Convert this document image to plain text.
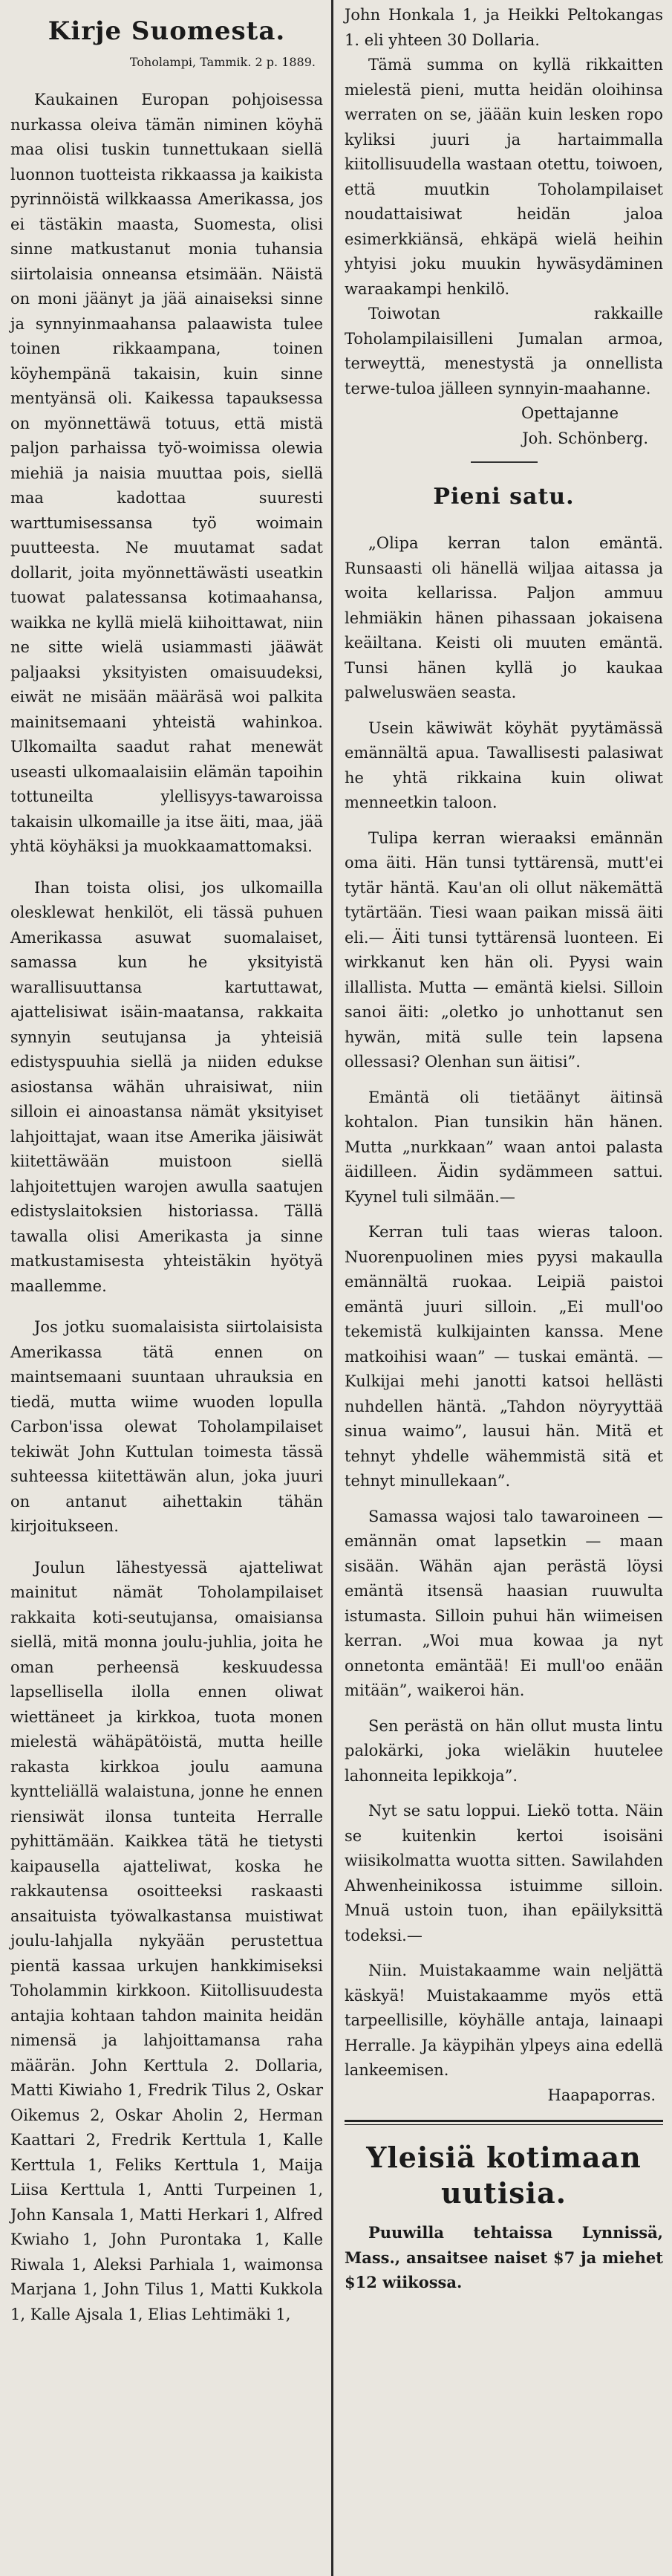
Kirje Suomesta.
Toholampi, Tammik. 2 p. 1889.

Kaukainen Europan pohjoisessa nurkassa oleiva tämän niminen köyhä maa olisi tuskin tunnettukaan siellä luonnon tuotteista rikkaassa ja kaikista pyrinnöistä wilkkaassa Amerikassa, jos ei tästäkin maasta, Suomesta, olisi sinne matkustanut monia tuhansia siirtolaisia onneansa etsimään. Näistä on moni jäänyt ja jää ainaiseksi sinne ja synnyinmaahansa palaawista tulee toinen rikkaampana, toinen köyhempänä takaisin, kuin sinne mentyänsä oli. Kaikessa tapauksessa on myönnettäwä totuus, että mistä paljon parhaissa työ-woimissa olewia miehiä ja naisia muuttaa pois, siellä maa kadottaa suuresti warttumisessansa työ woimain puutteesta. Ne muutamat sadat dollarit, joita myönnettäwästi useatkin tuowat palatessansa kotimaahansa, waikka ne kyllä mielä kiihoittawat, niin ne sitte wielä usiammasti jääwät paljaaksi yksityisten omaisuudeksi, eiwät ne misään määräsä woi palkita mainitsemaani yhteistä wahinkoa. Ulkomailta saadut rahat menewät useasti ulkomaalaisiin elämän tapoihin tottuneilta ylellisyys-tawaroissa takaisin ulkomaille ja itse äiti, maa, jää yhtä köyhäksi ja muokkaamattomaksi.

Ihan toista olisi, jos ulkomailla olesklewat henkilöt, eli tässä puhuen Amerikassa asuwat suomalaiset, samassa kun he yksityistä warallisuuttansa kartuttawat, ajattelisiwat isäin-maatansa, rakkaita synnyin seutujansa ja yhteisiä edistyspuuhia siellä ja niiden edukse asiostansa wähän uhraisiwat, niin silloin ei ainoastansa nämät yksityiset lahjoittajat, waan itse Amerika jäisiwät kiitettäwään muistoon siellä lahjoitettujen warojen awulla saatujen edistyslaitoksien historiassa. Tällä tawalla olisi Amerikasta ja sinne matkustamisesta yhteistäkin hyötyä maallemme.

Jos jotku suomalaisista siirtolaisista Amerikassa tätä ennen on maintsemaani suuntaan uhrauksia en tiedä, mutta wiime wuoden lopulla Carbon'issa olewat Toholampilaiset tekiwät John Kuttulan toimesta tässä suhteessa kiitettäwän alun, joka juuri on antanut aihettakin tähän kirjoitukseen.

Joulun lähestyessä ajatteliwat mainitut nämät Toholampilaiset rakkaita koti-seutujansa, omaisiansa siellä, mitä monna joulu-juhlia, joita he oman perheensä keskuudessa lapsellisella ilolla ennen oliwat wiettäneet ja kirkkoa, tuota monen mielestä wähäpätöistä, mutta heille rakasta kirkkoa joulu aamuna kyntteliällä walaistuna, jonne he ennen riensiwät ilonsa tunteita Herralle pyhittämään. Kaikkea tätä he tietysti kaipausella ajatteliwat, koska he rakkautensa osoitteeksi raskaasti ansaituista työwalkastansa muistiwat joulu-lahjalla nykyään perustettua pientä kassaa urkujen hankkimiseksi Toholammin kirkkoon. Kiitollisuudesta antajia kohtaan tahdon mainita heidän nimensä ja lahjoittamansa raha määrän. John Kerttula 2. Dollaria, Matti Kiwiaho 1, Fredrik Tilus 2, Oskar Oikemus 2, Oskar Aholin 2, Herman Kaattari 2, Fredrik Kerttula 1, Kalle Kerttula 1, Feliks Kerttula 1, Maija Liisa Kerttula 1, Antti Turpeinen 1, John Kansala 1, Matti Herkari 1, Alfred Kwiaho 1, John Purontaka 1, Kalle Riwala 1, Aleksi Parhiala 1, waimonsa Marjana 1, John Tilus 1, Matti Kukkola 1, Kalle Ajsala 1, Elias Lehtimäki 1,

John Honkala 1, ja Heikki Peltokangas 1. eli yhteen 30 Dollaria.

Tämä summa on kyllä rikkaitten mielestä pieni, mutta heidän oloihinsa werraten on se, jäään kuin lesken ropo kyliksi juuri ja hartaimmalla kiitollisuudella wastaan otettu, toiwoen, että muutkin Toholampilaiset noudattaisiwat heidän jaloa esimerkkiänsä, ehkäpä wielä heihin yhtyisi joku muukin hywäsydäminen waraakampi henkilö.

Toiwotan rakkaille Toholampilaisilleni Jumalan armoa, terweyttä, menestystä ja onnellista terwe-tuloa jälleen synnyin-maahanne.

Opettajanne

Joh. Schönberg.

Pieni satu.

„Olipa kerran talon emäntä. Runsaasti oli hänellä wiljaa aitassa ja woita kellarissa. Paljon ammuu lehmiäkin hänen pihassaan jokaisena keäiltana. Keisti oli muuten emäntä. Tunsi hänen kyllä jo kaukaa palweluswäen seasta.

Usein käwiwät köyhät pyytämässä emännältä apua. Tawallisesti palasiwat he yhtä rikkaina kuin oliwat menneetkin taloon.

Tulipa kerran wieraaksi emännän oma äiti. Hän tunsi tyttärensä, mutt'ei tytär häntä. Kau'an oli ollut näkemättä tytärtään. Tiesi waan paikan missä äiti eli.— Äiti tunsi tyttärensä luonteen. Ei wirkkanut ken hän oli. Pyysi wain illallista. Mutta — emäntä kielsi. Silloin sanoi äiti: „oletko jo unhottanut sen hywän, mitä sulle tein lapsena ollessasi? Olenhan sun äitisi”.

Emäntä oli tietäänyt äitinsä kohtalon. Pian tunsikin hän hänen. Mutta „nurkkaan” waan antoi palasta äidilleen. Äidin sydämmeen sattui. Kyynel tuli silmään.—

Kerran tuli taas wieras taloon. Nuorenpuolinen mies pyysi makaulla emännältä ruokaa. Leipiä paistoi emäntä juuri silloin. „Ei mull'oo tekemistä kulkijainten kanssa. Mene matkoihisi waan” — tuskai emäntä. — Kulkijai mehi janotti katsoi hellästi nuhdellen häntä. „Tahdon nöyryyttää sinua waimo”, lausui hän. Mitä et tehnyt yhdelle wähemmistä sitä et tehnyt minullekaan”.

Samassa wajosi talo tawaroineen — emännän omat lapsetkin — maan sisään. Wähän ajan perästä löysi emäntä itsensä haasian ruuwulta istumasta. Silloin puhui hän wiimeisen kerran. „Woi mua kowaa ja nyt onnetonta emäntää! Ei mull'oo enään mitään”, waikeroi hän.

Sen perästä on hän ollut musta lintu palokärki, joka wieläkin huutelee lahonneita lepikkoja”.

Nyt se satu loppui. Liekö totta. Näin se kuitenkin kertoi isoisäni wiisikolmatta wuotta sitten. Sawilahden Ahwenheinikossa istuimme silloin. Mnuä ustoin tuon, ihan epäilyksittä todeksi.—

Niin. Muistakaamme wain neljättä käskyä! Muistakaamme myös että tarpeellisille, köyhälle antaja, lainaapi Herralle. Ja käypihän ylpeys aina edellä lankeemisen.

Haapaporras.

Yleisiä kotimaan uutisia.

Puuwilla tehtaissa Lynnissä, Mass., ansaitsee naiset $7 ja miehet $12 wiikossa.
